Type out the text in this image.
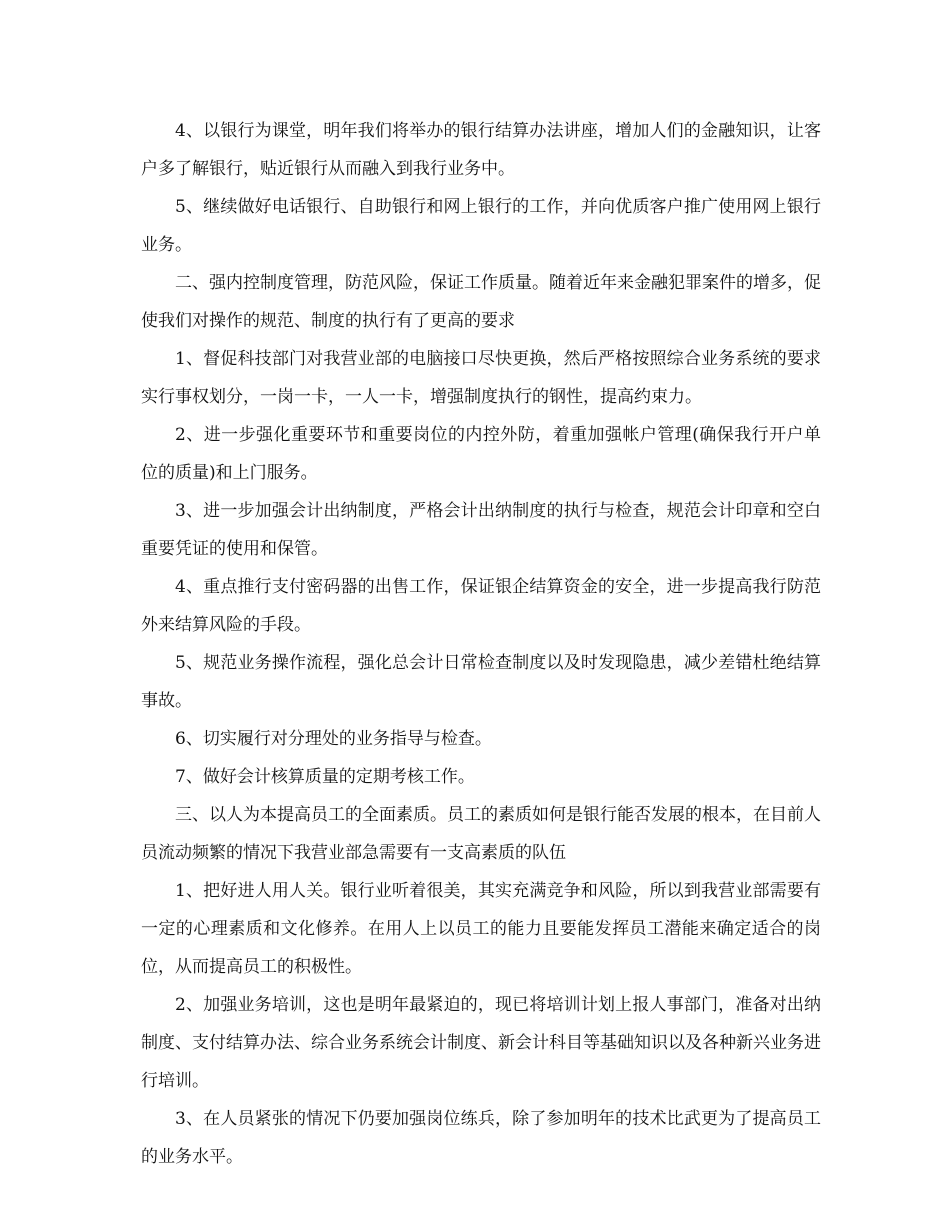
4、以银行为课堂，明年我们将举办的银行结算办法讲座，增加人们的金融知识，让客户多了解银行，贴近银行从而融入到我行业务中。

5、继续做好电话银行、自助银行和网上银行的工作，并向优质客户推广使用网上银行业务。

二、强内控制度管理，防范风险，保证工作质量。随着近年来金融犯罪案件的增多，促使我们对操作的规范、制度的执行有了更高的要求

1、督促科技部门对我营业部的电脑接口尽快更换，然后严格按照综合业务系统的要求实行事权划分，一岗一卡，一人一卡，增强制度执行的钢性，提高约束力。

2、进一步强化重要环节和重要岗位的内控外防，着重加强帐户管理(确保我行开户单位的质量)和上门服务。

3、进一步加强会计出纳制度，严格会计出纳制度的执行与检查，规范会计印章和空白重要凭证的使用和保管。

4、重点推行支付密码器的出售工作，保证银企结算资金的安全，进一步提高我行防范外来结算风险的手段。

5、规范业务操作流程，强化总会计日常检查制度以及时发现隐患，减少差错杜绝结算事故。

6、切实履行对分理处的业务指导与检查。

7、做好会计核算质量的定期考核工作。

三、以人为本提高员工的全面素质。员工的素质如何是银行能否发展的根本，在目前人员流动频繁的情况下我营业部急需要有一支高素质的队伍

1、把好进人用人关。银行业听着很美，其实充满竞争和风险，所以到我营业部需要有一定的心理素质和文化修养。在用人上以员工的能力且要能发挥员工潜能来确定适合的岗位，从而提高员工的积极性。

2、加强业务培训，这也是明年最紧迫的，现已将培训计划上报人事部门，准备对出纳制度、支付结算办法、综合业务系统会计制度、新会计科目等基础知识以及各种新兴业务进行培训。

3、在人员紧张的情况下仍要加强岗位练兵，除了参加明年的技术比武更为了提高员工的业务水平。
